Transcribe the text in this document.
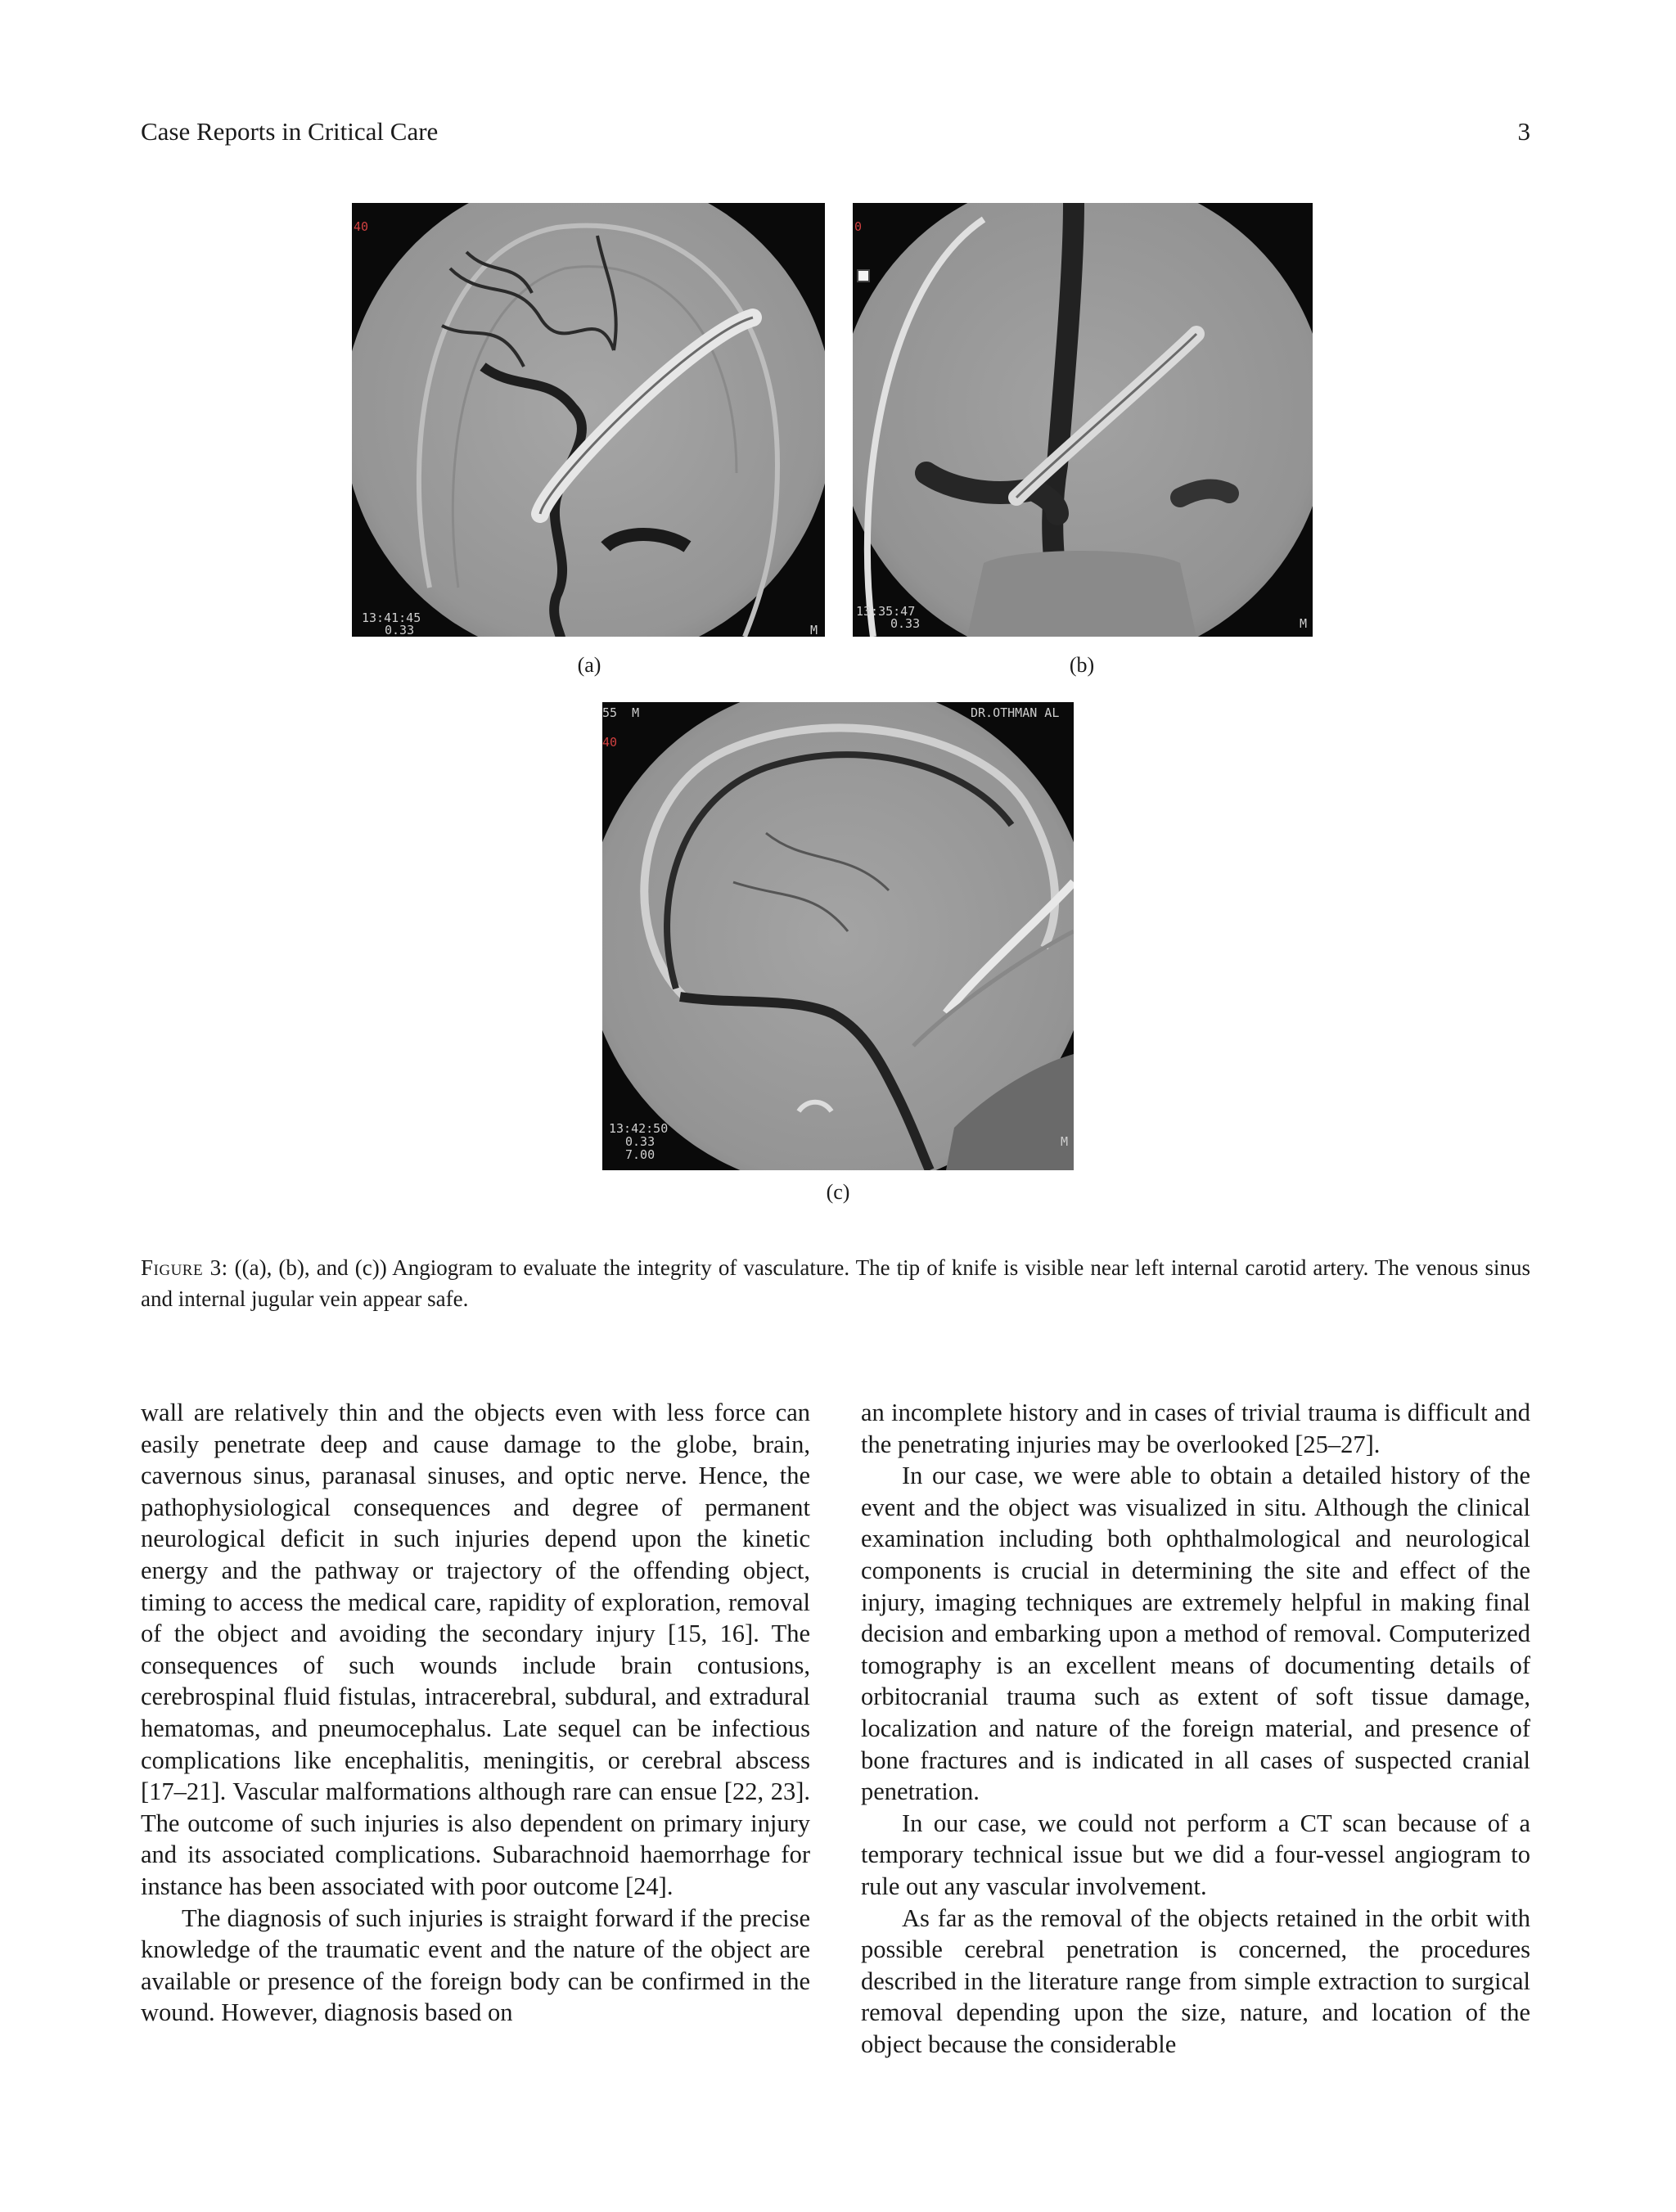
Case Reports in Critical Care	3
40
13:41:45
0.33	M
(a)
0
13:35:47
0.33	M
(b)
55  M
40
DR.OTHMAN AL
13:42:50
0.33
7.00
M
(c)
Figure 3: ((a), (b), and (c)) Angiogram to evaluate the integrity of vasculature. The tip of knife is visible near left internal carotid artery. The venous sinus and internal jugular vein appear safe.

wall are relatively thin and the objects even with less force can easily penetrate deep and cause damage to the globe, brain, cavernous sinus, paranasal sinuses, and optic nerve. Hence, the pathophysiological consequences and degree of permanent neurological deficit in such injuries depend upon the kinetic energy and the pathway or trajectory of the offending object, timing to access the medical care, rapidity of exploration, removal of the object and avoiding the secondary injury [15, 16]. The consequences of such wounds include brain contusions, cerebrospinal fluid fistulas, intracerebral, subdural, and extradural hematomas, and pneumocephalus. Late sequel can be infectious complications like encephalitis, meningitis, or cerebral abscess [17–21]. Vascular malformations although rare can ensue [22, 23]. The outcome of such injuries is also dependent on primary injury and its associated complications. Subarachnoid haemorrhage for instance has been associated with poor outcome [24].

The diagnosis of such injuries is straight forward if the precise knowledge of the traumatic event and the nature of the object are available or presence of the foreign body can be confirmed in the wound. However, diagnosis based on

an incomplete history and in cases of trivial trauma is difficult and the penetrating injuries may be overlooked [25–27].

In our case, we were able to obtain a detailed history of the event and the object was visualized in situ. Although the clinical examination including both ophthalmological and neurological components is crucial in determining the site and effect of the injury, imaging techniques are extremely helpful in making final decision and embarking upon a method of removal. Computerized tomography is an excellent means of documenting details of orbitocranial trauma such as extent of soft tissue damage, localization and nature of the foreign material, and presence of bone fractures and is indicated in all cases of suspected cranial penetration.

In our case, we could not perform a CT scan because of a temporary technical issue but we did a four-vessel angiogram to rule out any vascular involvement.

As far as the removal of the objects retained in the orbit with possible cerebral penetration is concerned, the procedures described in the literature range from simple extraction to surgical removal depending upon the size, nature, and location of the object because the considerable
